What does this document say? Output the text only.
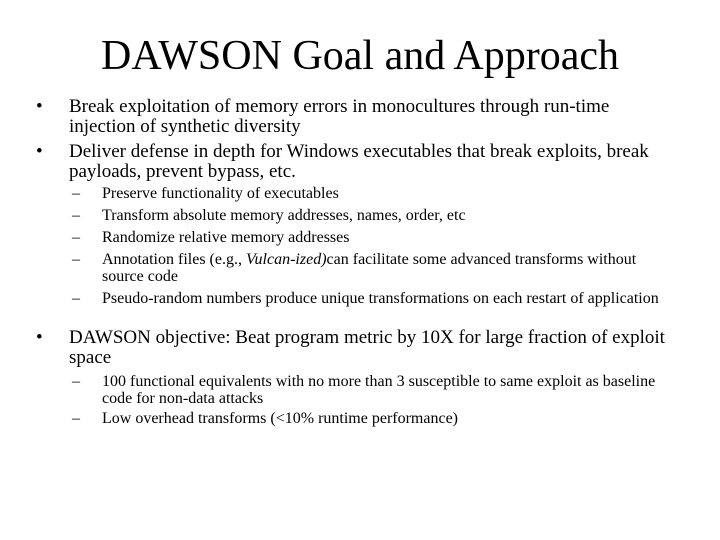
DAWSON Goal and Approach
• Break exploitation of memory errors in monocultures through run-time injection of synthetic diversity
• Deliver defense in depth for Windows executables that break exploits, break payloads, prevent bypass, etc.
– Preserve functionality of executables
– Transform absolute memory addresses, names, order, etc
– Randomize relative memory addresses
– Annotation files (e.g., Vulcan-ized)can facilitate some advanced transforms without source code
– Pseudo-random numbers produce unique transformations on each restart of application
• DAWSON objective: Beat program metric by 10X for large fraction of exploit space
– 100 functional equivalents with no more than 3 susceptible to same exploit as baseline code for non-data attacks
– Low overhead transforms (<10% runtime performance)
